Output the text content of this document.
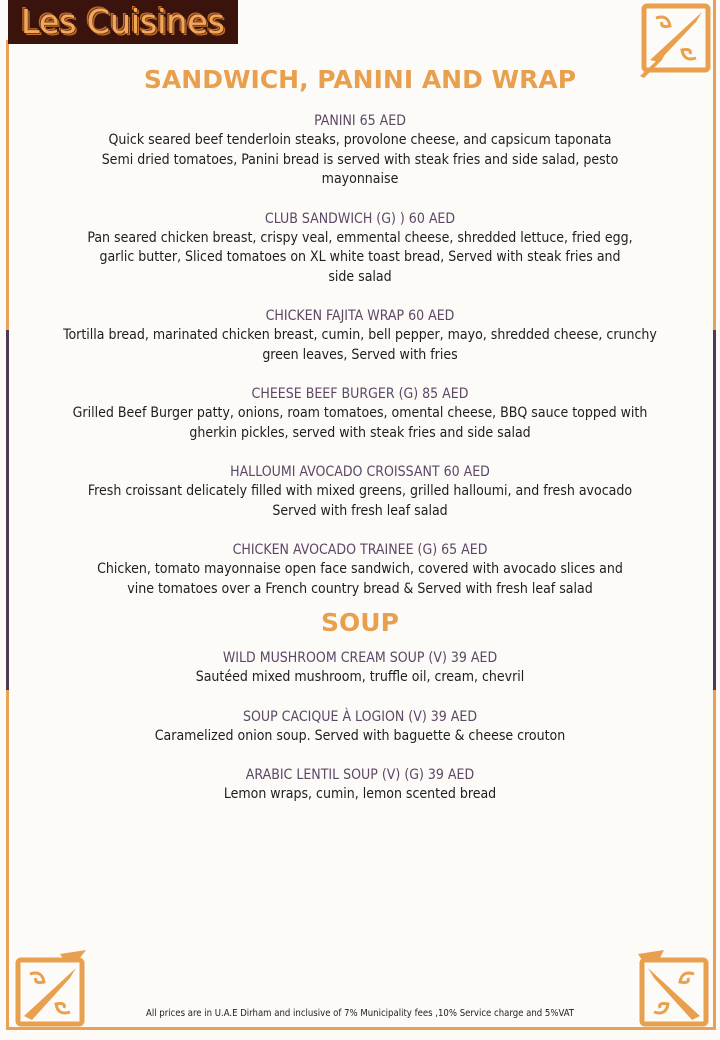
Les Cuisines
SANDWICH, PANINI AND WRAP

PANINI 65 AED

Quick seared beef tenderloin steaks, provolone cheese, and capsicum taponata

Semi dried tomatoes, Panini bread is served with steak fries and side salad, pesto

mayonnaise

CLUB SANDWICH (G) ) 60 AED

Pan seared chicken breast, crispy veal, emmental cheese, shredded lettuce, fried egg,

garlic butter, Sliced tomatoes on XL white toast bread, Served with steak fries and

side salad

CHICKEN FAJITA WRAP 60 AED

Tortilla bread, marinated chicken breast, cumin, bell pepper, mayo, shredded cheese, crunchy

green leaves, Served with fries

CHEESE BEEF BURGER (G) 85 AED

Grilled Beef Burger patty, onions, roam tomatoes, omental cheese, BBQ sauce topped with

gherkin pickles, served with steak fries and side salad

HALLOUMI AVOCADO CROISSANT 60 AED

Fresh croissant delicately filled with mixed greens, grilled halloumi, and fresh avocado

Served with fresh leaf salad

CHICKEN AVOCADO TRAINEE (G) 65 AED

Chicken, tomato mayonnaise open face sandwich, covered with avocado slices and

vine tomatoes over a French country bread & Served with fresh leaf salad

SOUP

WILD MUSHROOM CREAM SOUP (V) 39 AED

Sautéed mixed mushroom, truffle oil, cream, chevril

SOUP CACIQUE À LOGION (V) 39 AED

Caramelized onion soup. Served with baguette & cheese crouton

ARABIC LENTIL SOUP (V) (G) 39 AED

Lemon wraps, cumin, lemon scented bread

All prices are in U.A.E Dirham and inclusive of 7% Municipality fees ,10% Service charge and 5%VAT
